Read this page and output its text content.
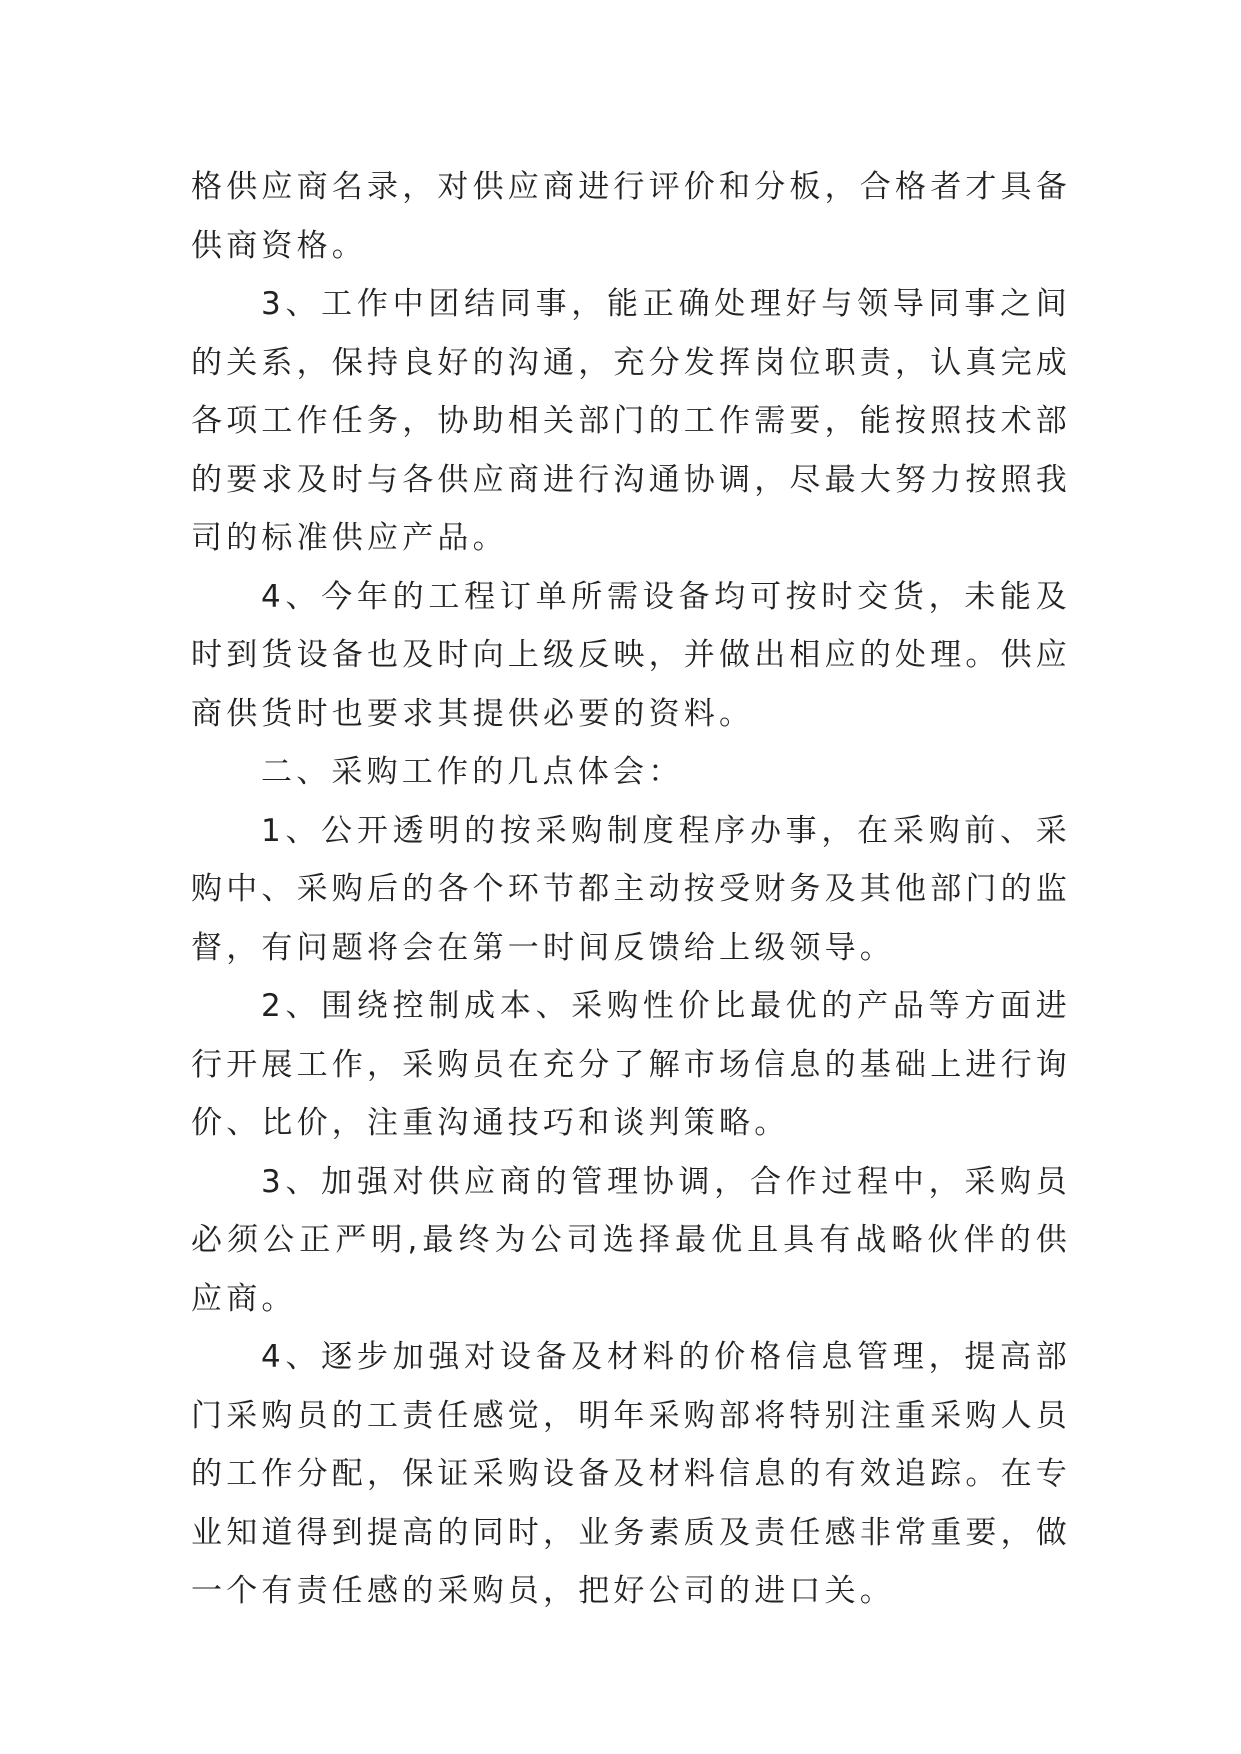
格供应商名录，对供应商进行评价和分板，合格者才具备供商资格。

3、工作中团结同事，能正确处理好与领导同事之间的关系，保持良好的沟通，充分发挥岗位职责，认真完成各项工作任务，协助相关部门的工作需要，能按照技术部的要求及时与各供应商进行沟通协调，尽最大努力按照我司的标准供应产品。

4、今年的工程订单所需设备均可按时交货，未能及时到货设备也及时向上级反映，并做出相应的处理。供应商供货时也要求其提供必要的资料。

二、采购工作的几点体会：

1、公开透明的按采购制度程序办事，在采购前、采购中、采购后的各个环节都主动按受财务及其他部门的监督，有问题将会在第一时间反馈给上级领导。

2、围绕控制成本、采购性价比最优的产品等方面进行开展工作，采购员在充分了解市场信息的基础上进行询价、比价，注重沟通技巧和谈判策略。

3、加强对供应商的管理协调，合作过程中，采购员必须公正严明,最终为公司选择最优且具有战略伙伴的供应商。

4、逐步加强对设备及材料的价格信息管理，提高部门采购员的工责任感觉，明年采购部将特别注重采购人员的工作分配，保证采购设备及材料信息的有效追踪。在专业知道得到提高的同时，业务素质及责任感非常重要，做一个有责任感的采购员，把好公司的进口关。
